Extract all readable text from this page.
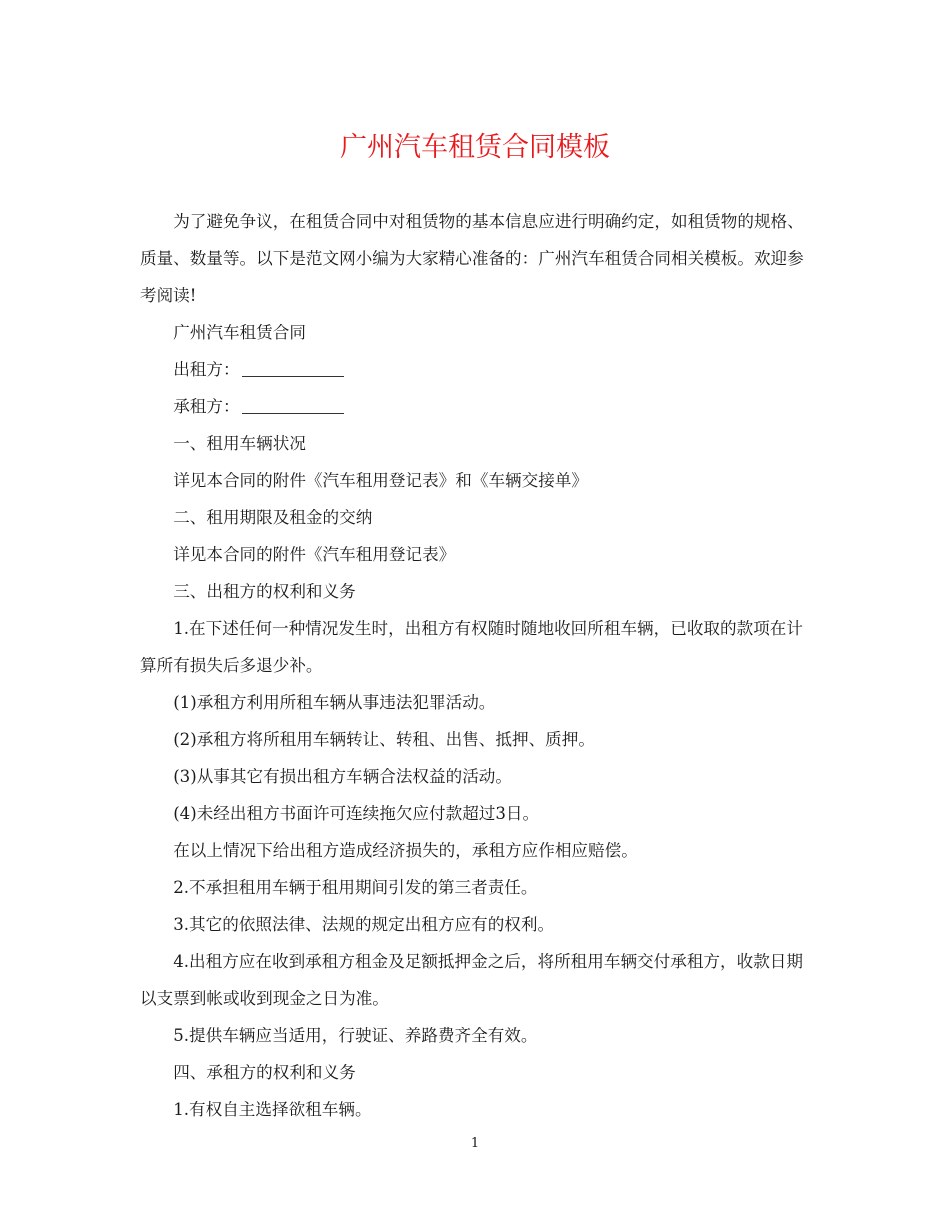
广州汽车租赁合同模板

为了避免争议，在租赁合同中对租赁物的基本信息应进行明确约定，如租赁物的规格、质量、数量等。以下是范文网小编为大家精心准备的：广州汽车租赁合同相关模板。欢迎参考阅读!

广州汽车租赁合同

出租方：

承租方：

一、租用车辆状况

详见本合同的附件《汽车租用登记表》和《车辆交接单》

二、租用期限及租金的交纳

详见本合同的附件《汽车租用登记表》

三、出租方的权利和义务

1.在下述任何一种情况发生时，出租方有权随时随地收回所租车辆，已收取的款项在计算所有损失后多退少补。

(1)承租方利用所租车辆从事违法犯罪活动。

(2)承租方将所租用车辆转让、转租、出售、抵押、质押。

(3)从事其它有损出租方车辆合法权益的活动。

(4)未经出租方书面许可连续拖欠应付款超过3日。

在以上情况下给出租方造成经济损失的，承租方应作相应赔偿。

2.不承担租用车辆于租用期间引发的第三者责任。

3.其它的依照法律、法规的规定出租方应有的权利。

4.出租方应在收到承租方租金及足额抵押金之后，将所租用车辆交付承租方，收款日期以支票到帐或收到现金之日为准。

5.提供车辆应当适用，行驶证、养路费齐全有效。

四、承租方的权利和义务

1.有权自主选择欲租车辆。

1
